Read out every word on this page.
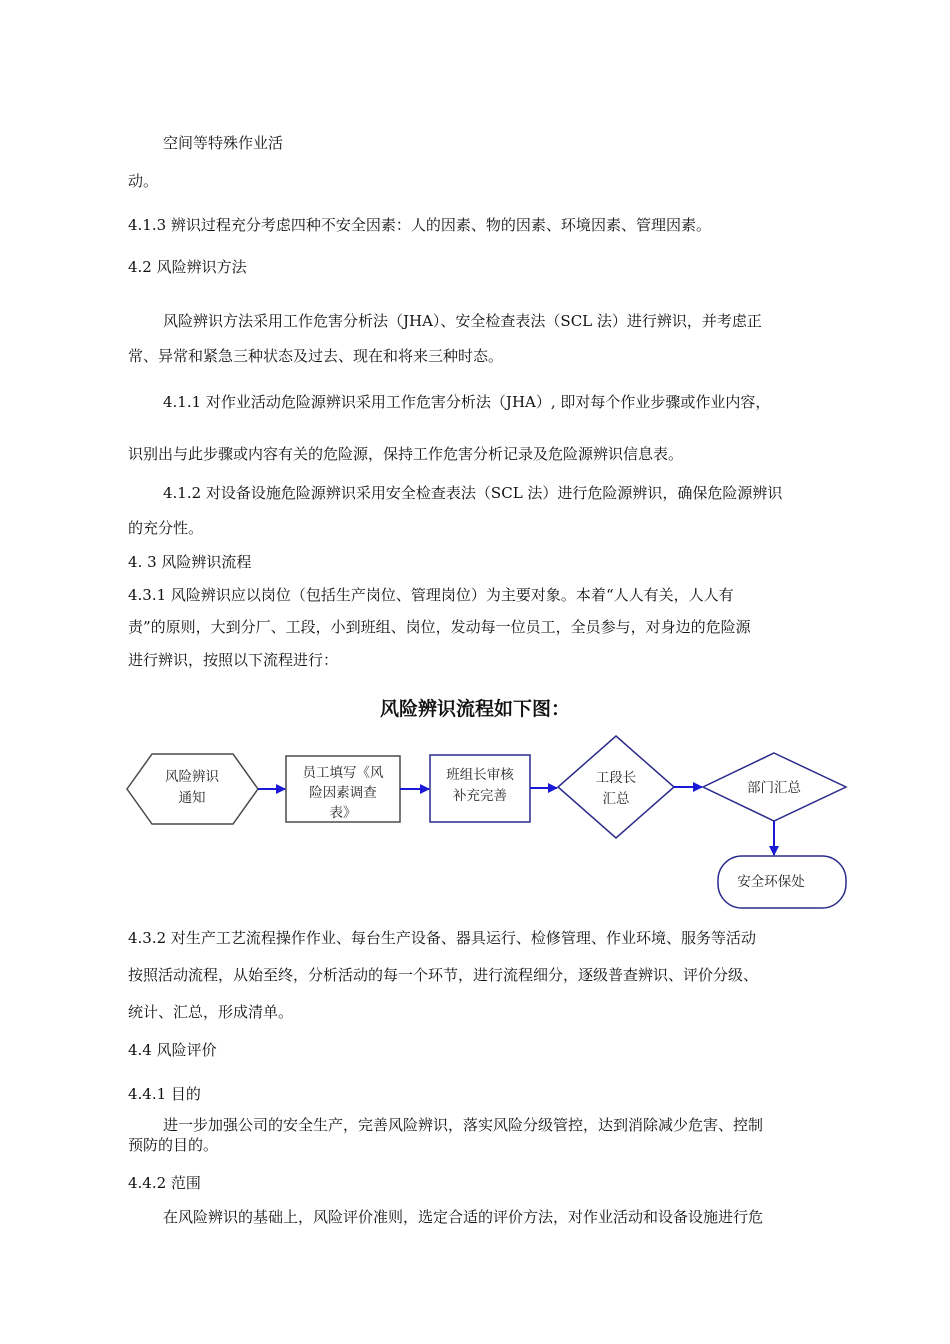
空间等特殊作业活
动。
4.1.3 辨识过程充分考虑四种不安全因素：人的因素、物的因素、环境因素、管理因素。
4.2 风险辨识方法
风险辨识方法采用工作危害分析法（JHA）、安全检查表法（SCL 法）进行辨识，并考虑正
常、异常和紧急三种状态及过去、现在和将来三种时态。
4.1.1 对作业活动危险源辨识采用工作危害分析法（JHA）, 即对每个作业步骤或作业内容，
识别出与此步骤或内容有关的危险源，保持工作危害分析记录及危险源辨识信息表。
4.1.2 对设备设施危险源辨识采用安全检查表法（SCL 法）进行危险源辨识，确保危险源辨识
的充分性。
4. 3 风险辨识流程
4.3.1 风险辨识应以岗位（包括生产岗位、管理岗位）为主要对象。本着“人人有关，人人有
责”的原则，大到分厂、工段，小到班组、岗位，发动每一位员工，全员参与，对身边的危险源
进行辨识，按照以下流程进行：
风险辨识流程如下图：
风险辨识
通知
员工填写《风
险因素调查
表》
班组长审核
补充完善
工段长
汇总
部门汇总
安全环保处
4.3.2 对生产工艺流程操作作业、每台生产设备、器具运行、检修管理、作业环境、服务等活动
按照活动流程，从始至终，分析活动的每一个环节，进行流程细分，逐级普查辨识、评价分级、
统计、汇总，形成清单。
4.4 风险评价
4.4.1 目的
进一步加强公司的安全生产，完善风险辨识，落实风险分级管控，达到消除减少危害、控制
预防的目的。
4.4.2 范围
在风险辨识的基础上，风险评价准则，选定合适的评价方法，对作业活动和设备设施进行危
